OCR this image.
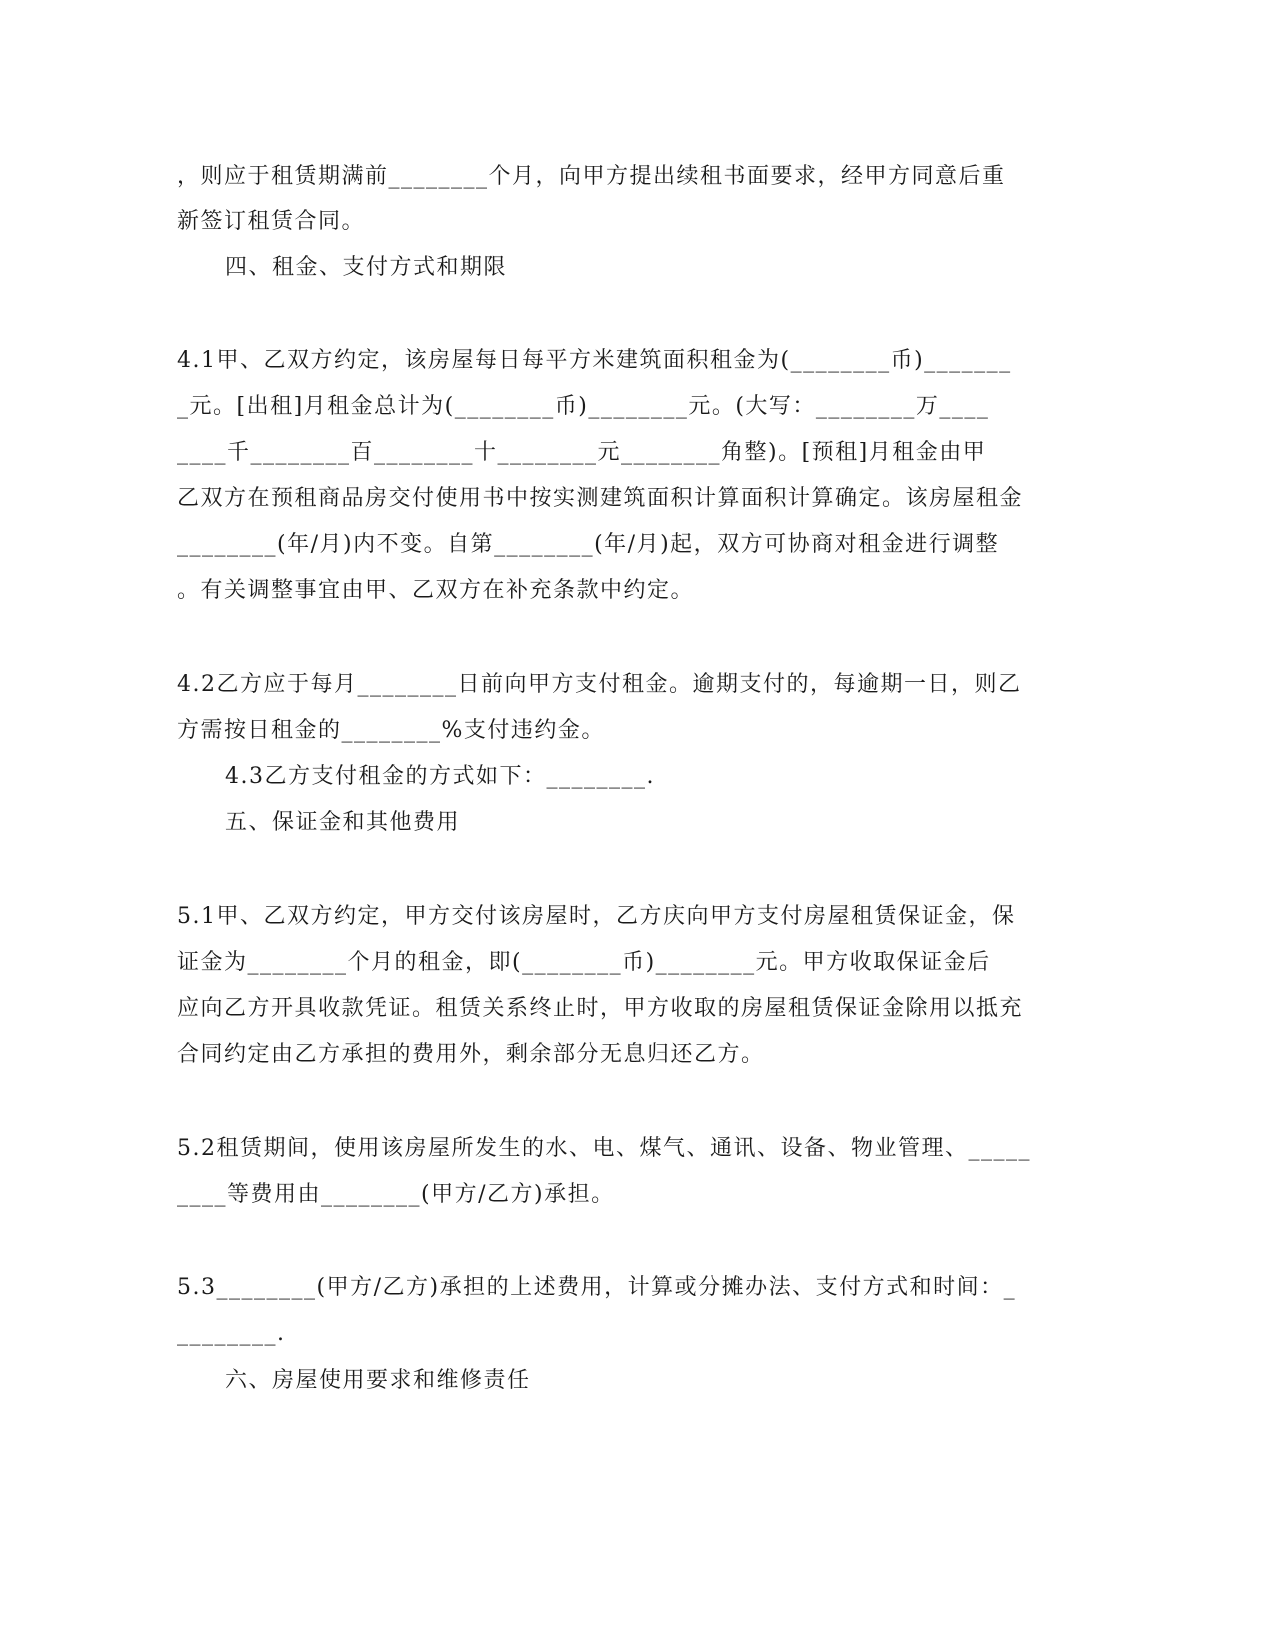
，则应于租赁期满前________个月，向甲方提出续租书面要求，经甲方同意后重
新签订租赁合同。
四、租金、支付方式和期限
4.1甲、乙双方约定，该房屋每日每平方米建筑面积租金为(________币)_______
_元。[出租]月租金总计为(________币)________元。(大写：________万____
____千________百________十________元________角整)。[预租]月租金由甲
乙双方在预租商品房交付使用书中按实测建筑面积计算面积计算确定。该房屋租金
________(年/月)内不变。自第________(年/月)起，双方可协商对租金进行调整
。有关调整事宜由甲、乙双方在补充条款中约定。
4.2乙方应于每月________日前向甲方支付租金。逾期支付的，每逾期一日，则乙
方需按日租金的________%支付违约金。
4.3乙方支付租金的方式如下：________.
五、保证金和其他费用
5.1甲、乙双方约定，甲方交付该房屋时，乙方庆向甲方支付房屋租赁保证金，保
证金为________个月的租金，即(________币)________元。甲方收取保证金后
应向乙方开具收款凭证。租赁关系终止时，甲方收取的房屋租赁保证金除用以抵充
合同约定由乙方承担的费用外，剩余部分无息归还乙方。
5.2租赁期间，使用该房屋所发生的水、电、煤气、通讯、设备、物业管理、_____
____等费用由________(甲方/乙方)承担。
5.3________(甲方/乙方)承担的上述费用，计算或分摊办法、支付方式和时间：_
________.
六、房屋使用要求和维修责任
